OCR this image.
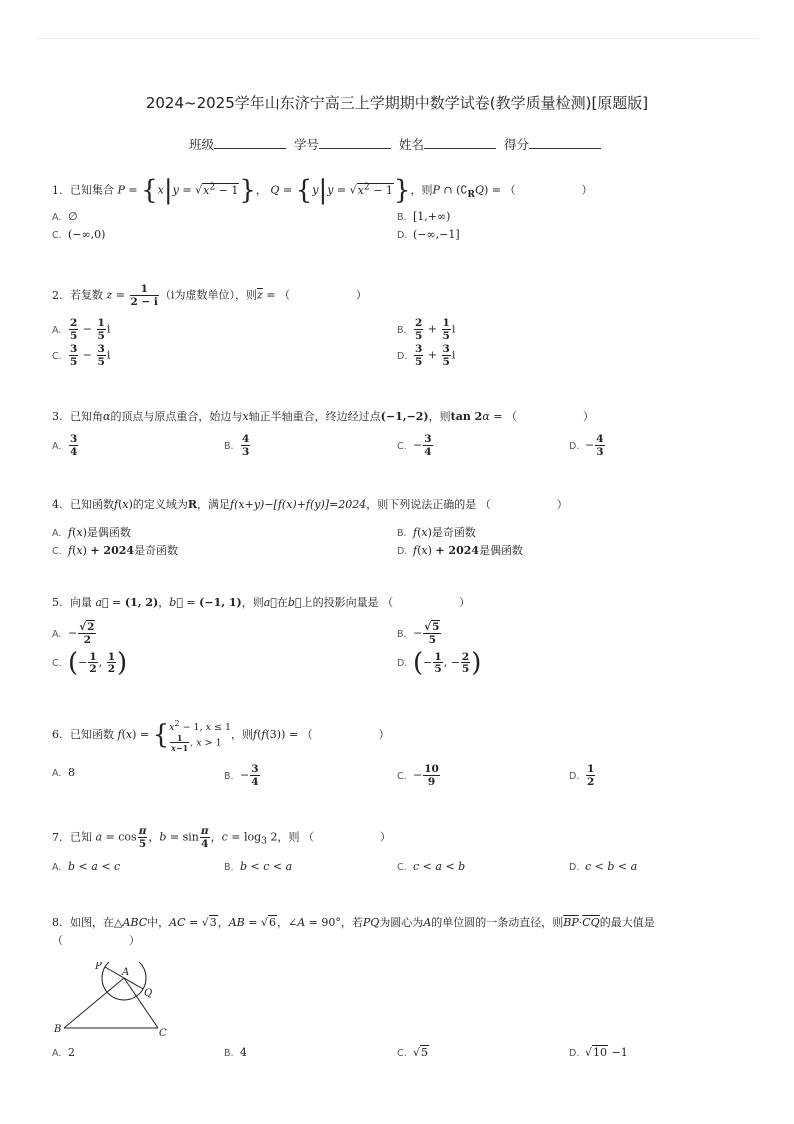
2024~2025学年山东济宁高三上学期期中数学试卷(教学质量检测)[原题版]
班级	学号	姓名	得分
1. 已知集合 $P = \{x|y = √x^2 - 1\}$， $Q = \{y|y = √x^2 - 1\}$，则P ∩ $(∁_RQ)$ = （　　　　　　）
A. ∅	B. [1,+∞)
C. (−∞,0)	D. (−∞,−1]
2. 若复数 $z = \frac{1}{2 - i} (i$为虚数单位），则$\overline{z}$ = （　　　　　　）
A. $\frac{2}{5} - \frac{1}{5}$ i	B. $\frac{2}{5} + \frac{1}{5}$ i
C. $\frac{3}{5} - \frac{3}{5}$ i	D. $\frac{3}{5} + \frac{3}{5}$ i
3. 已知角α的顶点与原点重合，始边与x轴正半轴重合，终边经过点(−1,−2)，则tan 2α = （　　　　　　）
A. $\frac{3}{4}$	B. $\frac{4}{3}$	C. − $\frac{3}{4}$	D. − $\frac{4}{3}$
4. 已知函数f(x)的定义域为R，满足f(x+y)−[f(x)+f(y)]=2024，则下列说法正确的是 （　　　　　　）
A. f(x)是偶函数	B. f(x)是奇函数
C. f(x) + 2024是奇函数	D. f(x) + 2024是偶函数
5. 向量 a⃗ = (1, 2)，b⃗ = (−1, 1)，则a⃗在b⃗上的投影向量是 （　　　　　　）
A. − $\frac{√2}{2}$	B. − $\frac{√5}{5}$
C. (− $\frac{1}{2}$ , $\frac{1}{2}$ )	D. (− $\frac{1}{5}$ , − $\frac{2}{5}$ )
6. 已知函数 f(x) = { $x^2 - 1$, x ≤ 1
$\frac{1}{x-1}$ , x > 1
，则f(f(3)) = （　　　　　　）
A. 8	B. − $\frac{3}{4}$	C. − $\frac{10}{9}$	D. $\frac{1}{2}$
7. 已知 $a = \cos \frac{\pi}{5}$ ，$b = \sin \frac{\pi}{4}$ ，$c = \log_3 2$，则 （　　　　　　）
A. b < a < c	B. b < c < a	C. c < a < b	D. c < b < a
8. 如图，在△ABC中，AC = √3，AB = √6，∠A = 90°，若PQ为圆心为A的单位圆的一条动直径，则$\overline{BP}\cdot\overline{CQ}$的最大值是
（　　　　　　）
P
A
Q
B	C
A. 2	B. 4	C. √5	D. √10 −1
